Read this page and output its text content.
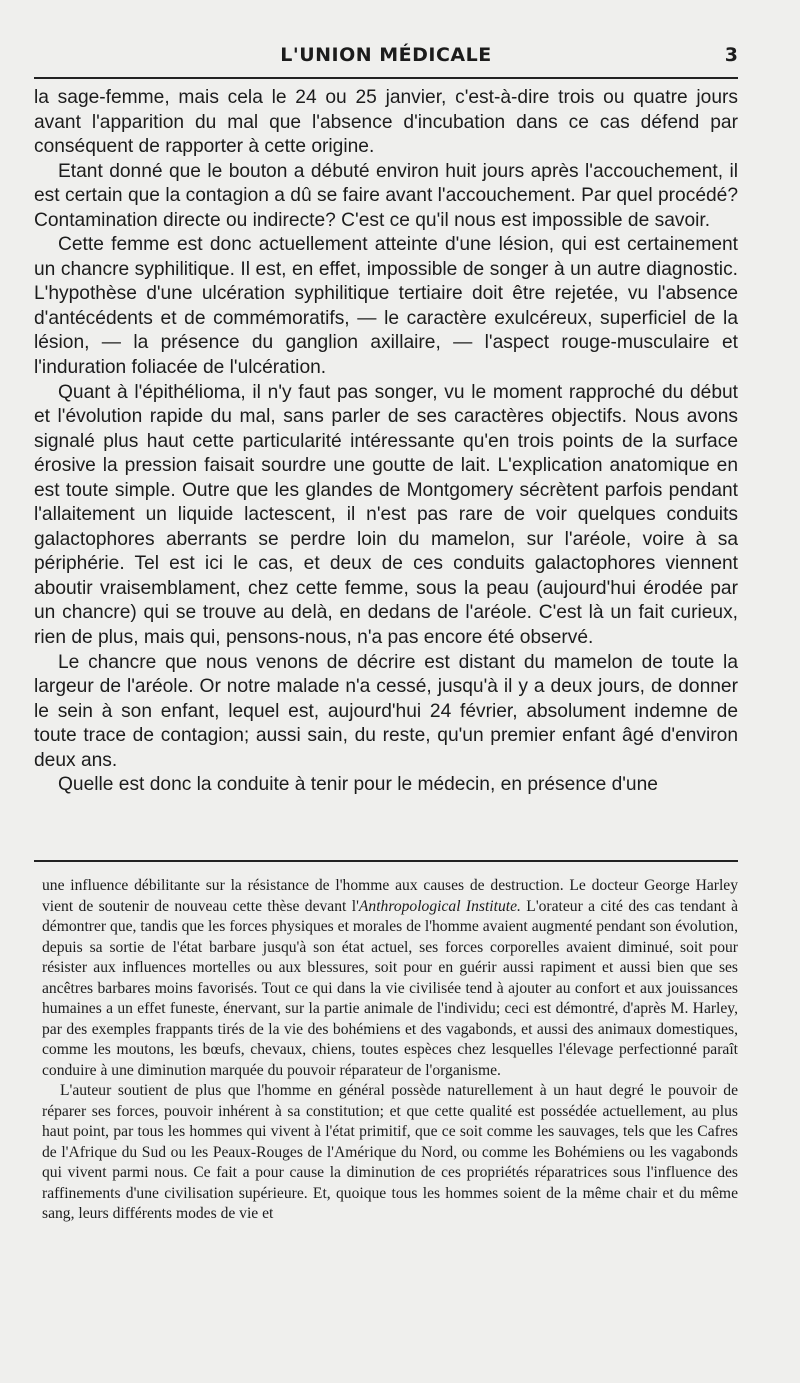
L'UNION MÉDICALE	3

la sage-femme, mais cela le 24 ou 25 janvier, c'est-à-dire trois ou quatre jours avant l'apparition du mal que l'absence d'incubation dans ce cas défend par conséquent de rapporter à cette origine.

Etant donné que le bouton a débuté environ huit jours après l'accouchement, il est certain que la contagion a dû se faire avant l'accouchement. Par quel procédé? Contamination directe ou indirecte? C'est ce qu'il nous est impossible de savoir.

Cette femme est donc actuellement atteinte d'une lésion, qui est certainement un chancre syphilitique. Il est, en effet, impossible de songer à un autre diagnostic. L'hypothèse d'une ulcération syphilitique tertiaire doit être rejetée, vu l'absence d'antécédents et de commémoratifs, — le caractère exulcéreux, superficiel de la lésion, — la présence du ganglion axillaire, — l'aspect rouge-musculaire et l'induration foliacée de l'ulcération.

Quant à l'épithélioma, il n'y faut pas songer, vu le moment rapproché du début et l'évolution rapide du mal, sans parler de ses caractères objectifs. Nous avons signalé plus haut cette particularité intéressante qu'en trois points de la surface érosive la pression faisait sourdre une goutte de lait. L'explication anatomique en est toute simple. Outre que les glandes de Montgomery sécrètent parfois pendant l'allaitement un liquide lactescent, il n'est pas rare de voir quelques conduits galactophores aberrants se perdre loin du mamelon, sur l'aréole, voire à sa périphérie. Tel est ici le cas, et deux de ces conduits galactophores viennent aboutir vraisemblament, chez cette femme, sous la peau (aujourd'hui érodée par un chancre) qui se trouve au delà, en dedans de l'aréole. C'est là un fait curieux, rien de plus, mais qui, pensons-nous, n'a pas encore été observé.

Le chancre que nous venons de décrire est distant du mamelon de toute la largeur de l'aréole. Or notre malade n'a cessé, jusqu'à il y a deux jours, de donner le sein à son enfant, lequel est, aujourd'hui 24 février, absolument indemne de toute trace de contagion; aussi sain, du reste, qu'un premier enfant âgé d'environ deux ans.

Quelle est donc la conduite à tenir pour le médecin, en présence d'une

une influence débilitante sur la résistance de l'homme aux causes de destruction. Le docteur George Harley vient de soutenir de nouveau cette thèse devant l'Anthropological Institute. L'orateur a cité des cas tendant à démontrer que, tandis que les forces physiques et morales de l'homme avaient augmenté pendant son évolution, depuis sa sortie de l'état barbare jusqu'à son état actuel, ses forces corporelles avaient diminué, soit pour résister aux influences mortelles ou aux blessures, soit pour en guérir aussi rapiment et aussi bien que ses ancêtres barbares moins favorisés. Tout ce qui dans la vie civilisée tend à ajouter au confort et aux jouissances humaines a un effet funeste, énervant, sur la partie animale de l'individu; ceci est démontré, d'après M. Harley, par des exemples frappants tirés de la vie des bohémiens et des vagabonds, et aussi des animaux domestiques, comme les moutons, les bœufs, chevaux, chiens, toutes espèces chez lesquelles l'élevage perfectionné paraît conduire à une diminution marquée du pouvoir réparateur de l'organisme.

L'auteur soutient de plus que l'homme en général possède naturellement à un haut degré le pouvoir de réparer ses forces, pouvoir inhérent à sa constitution; et que cette qualité est possédée actuellement, au plus haut point, par tous les hommes qui vivent à l'état primitif, que ce soit comme les sauvages, tels que les Cafres de l'Afrique du Sud ou les Peaux-Rouges de l'Amérique du Nord, ou comme les Bohémiens ou les vagabonds qui vivent parmi nous. Ce fait a pour cause la diminution de ces propriétés réparatrices sous l'influence des raffinements d'une civilisation supérieure. Et, quoique tous les hommes soient de la même chair et du même sang, leurs différents modes de vie et
